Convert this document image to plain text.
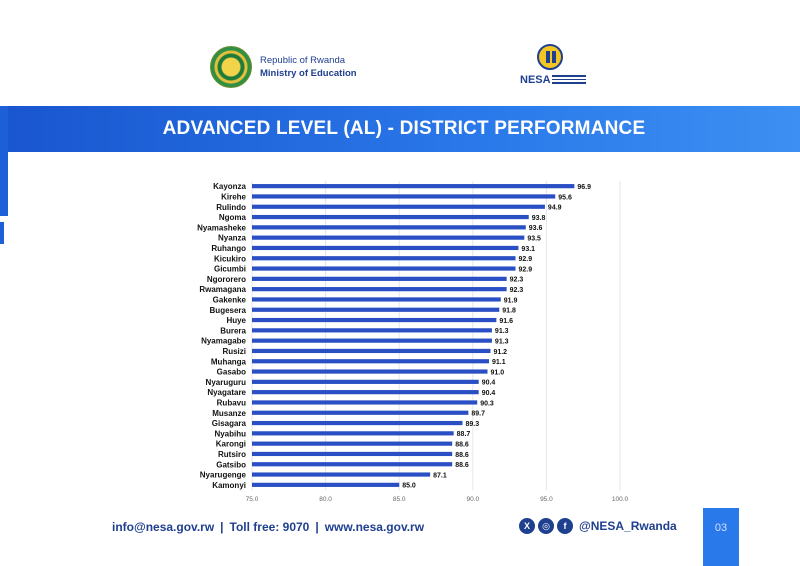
Republic of Rwanda
Ministry of Education
NESA
ADVANCED LEVEL (AL) - DISTRICT PERFORMANCE
75.0	80.0	85.0	90.0	95.0	100.0
Kayonza	96.9
Kirehe	95.6
Rulindo	94.9
Ngoma	93.8
Nyamasheke	93.6
Nyanza	93.5
Ruhango	93.1
Kicukiro	92.9
Gicumbi	92.9
Ngororero	92.3
Rwamagana	92.3
Gakenke	91.9
Bugesera	91.8
Huye	91.6
Burera	91.3
Nyamagabe	91.3
Rusizi	91.2
Muhanga	91.1
Gasabo	91.0
Nyaruguru	90.4
Nyagatare	90.4
Rubavu	90.3
Musanze	89.7
Gisagara	89.3
Nyabihu	88.7
Karongi	88.6
Rutsiro	88.6
Gatsibo	88.6
Nyarugenge	87.1
Kamonyi	85.0
info@nesa.gov.rw | Toll free: 9070 | www.nesa.gov.rw	X	◎	f	@NESA_Rwanda	03
